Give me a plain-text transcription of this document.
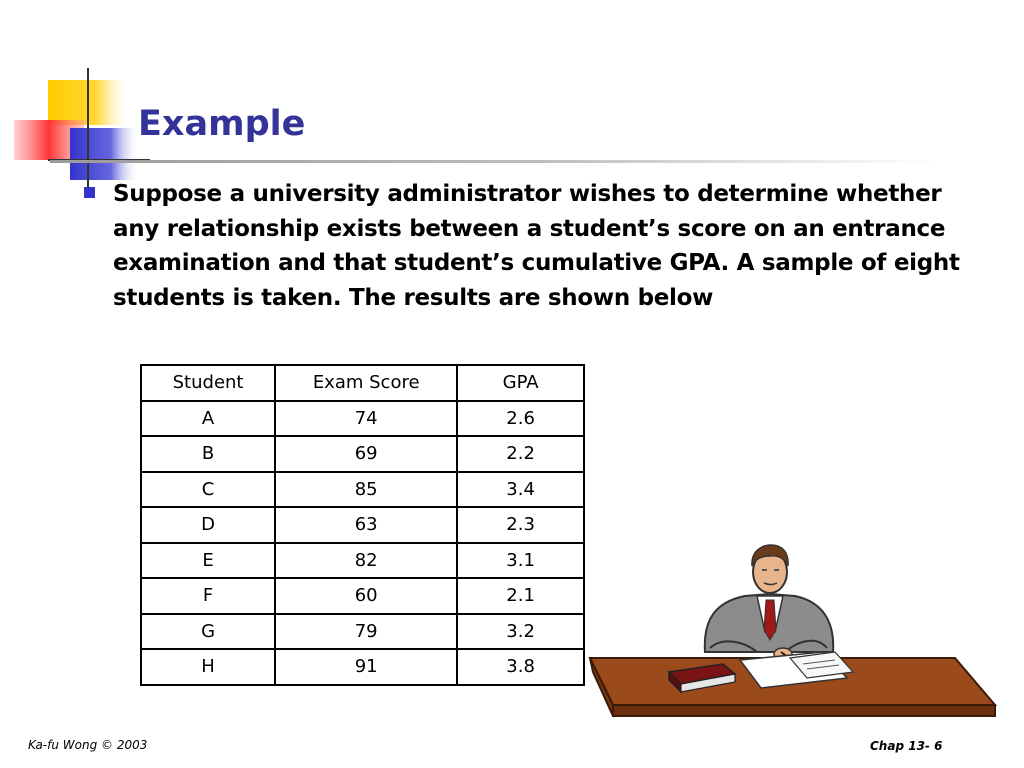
Example
Suppose a university administrator wishes to determine whether any relationship exists between a student’s score on an entrance examination and that student’s cumulative GPA. A sample of eight students is taken. The results are shown below
Student	Exam Score	GPA
A	74	2.6
B	69	2.2
C	85	3.4
D	63	2.3
E	82	3.1
F	60	2.1
G	79	3.2
H	91	3.8
Ka-fu Wong © 2003	Chap 13- 6
